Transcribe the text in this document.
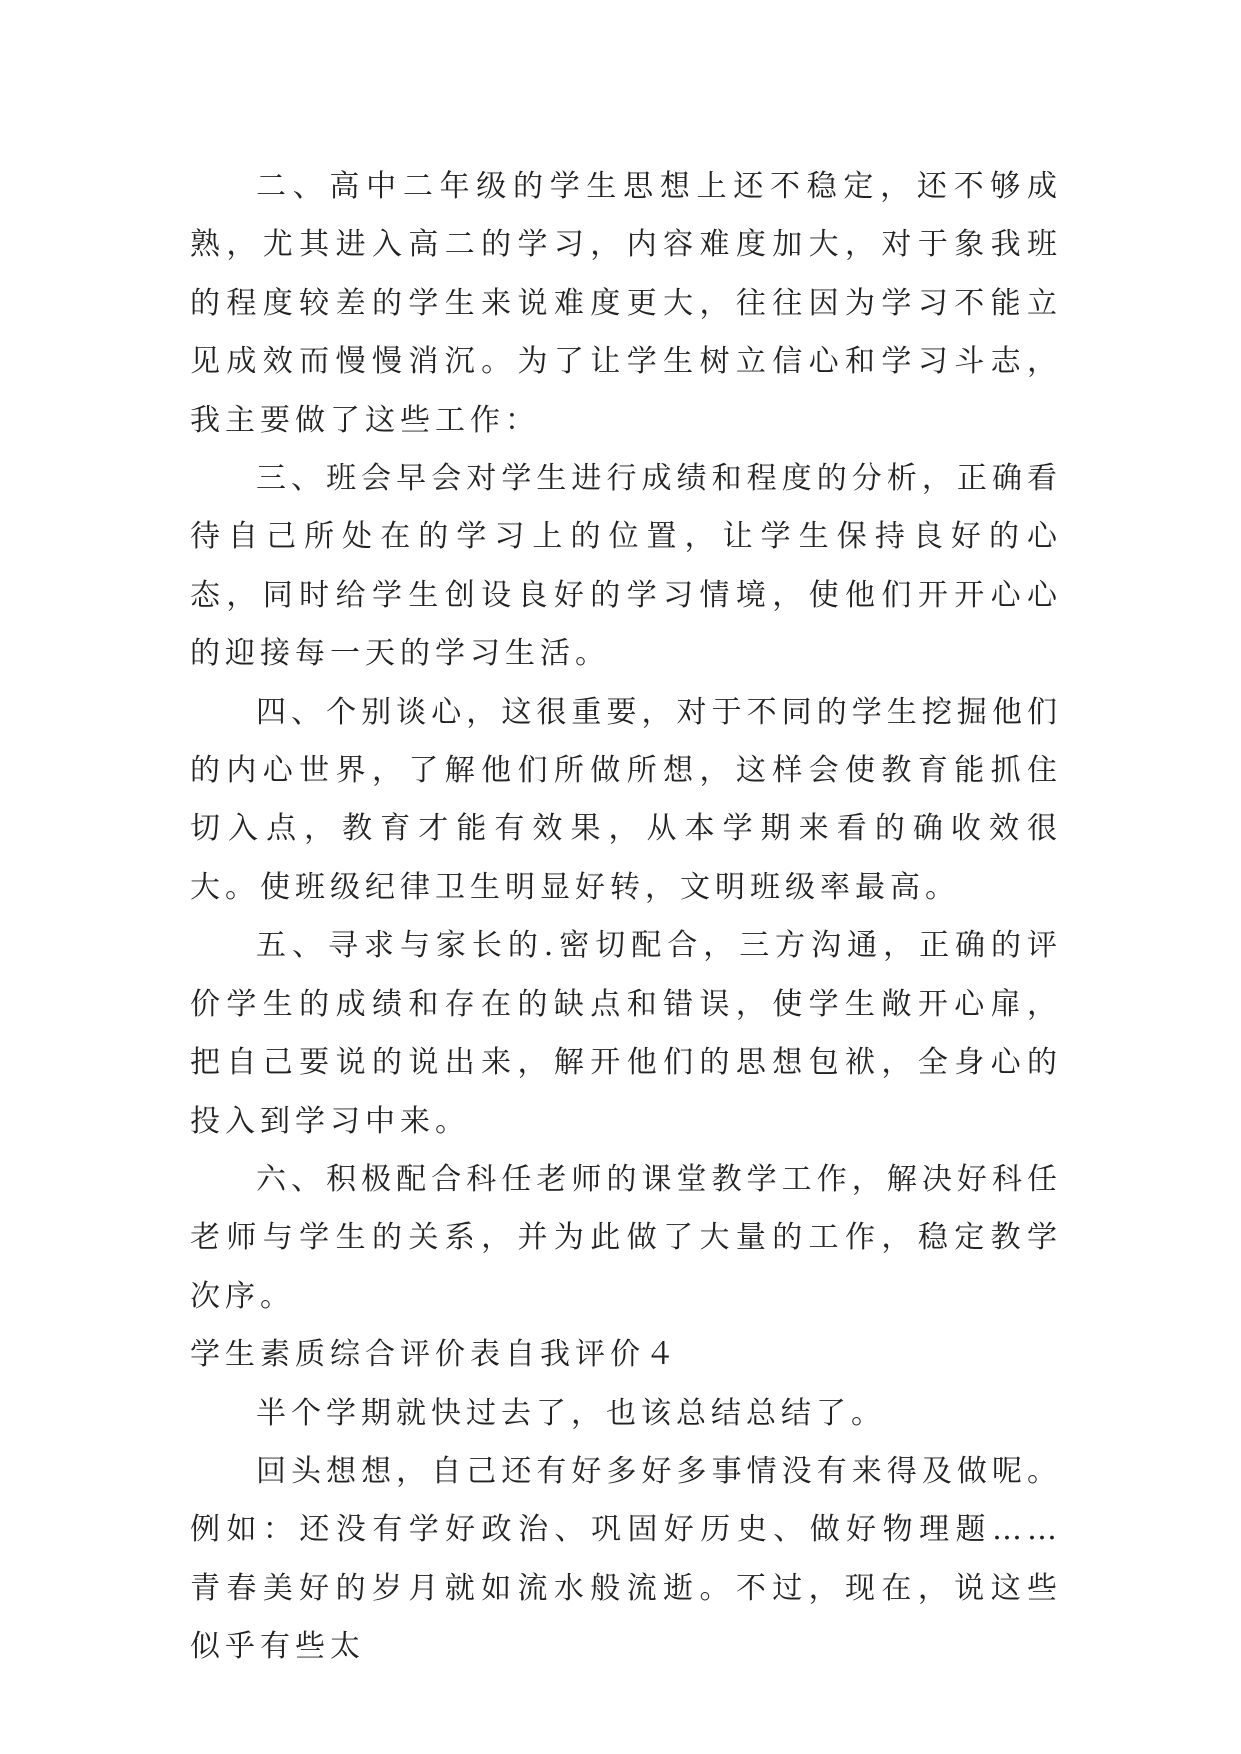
二、高中二年级的学生思想上还不稳定，还不够成熟，尤其进入高二的学习，内容难度加大，对于象我班的程度较差的学生来说难度更大，往往因为学习不能立见成效而慢慢消沉。为了让学生树立信心和学习斗志，我主要做了这些工作：

三、班会早会对学生进行成绩和程度的分析，正确看待自己所处在的学习上的位置，让学生保持良好的心态，同时给学生创设良好的学习情境，使他们开开心心的迎接每一天的学习生活。

四、个别谈心，这很重要，对于不同的学生挖掘他们的内心世界，了解他们所做所想，这样会使教育能抓住切入点，教育才能有效果，从本学期来看的确收效很大。使班级纪律卫生明显好转，文明班级率最高。

五、寻求与家长的.密切配合，三方沟通，正确的评价学生的成绩和存在的缺点和错误，使学生敞开心扉，把自己要说的说出来，解开他们的思想包袱，全身心的投入到学习中来。

六、积极配合科任老师的课堂教学工作，解决好科任老师与学生的关系，并为此做了大量的工作，稳定教学次序。

学生素质综合评价表自我评价４

半个学期就快过去了，也该总结总结了。

回头想想，自己还有好多好多事情没有来得及做呢。例如：还没有学好政治、巩固好历史、做好物理题……青春美好的岁月就如流水般流逝。不过，现在，说这些似乎有些太
